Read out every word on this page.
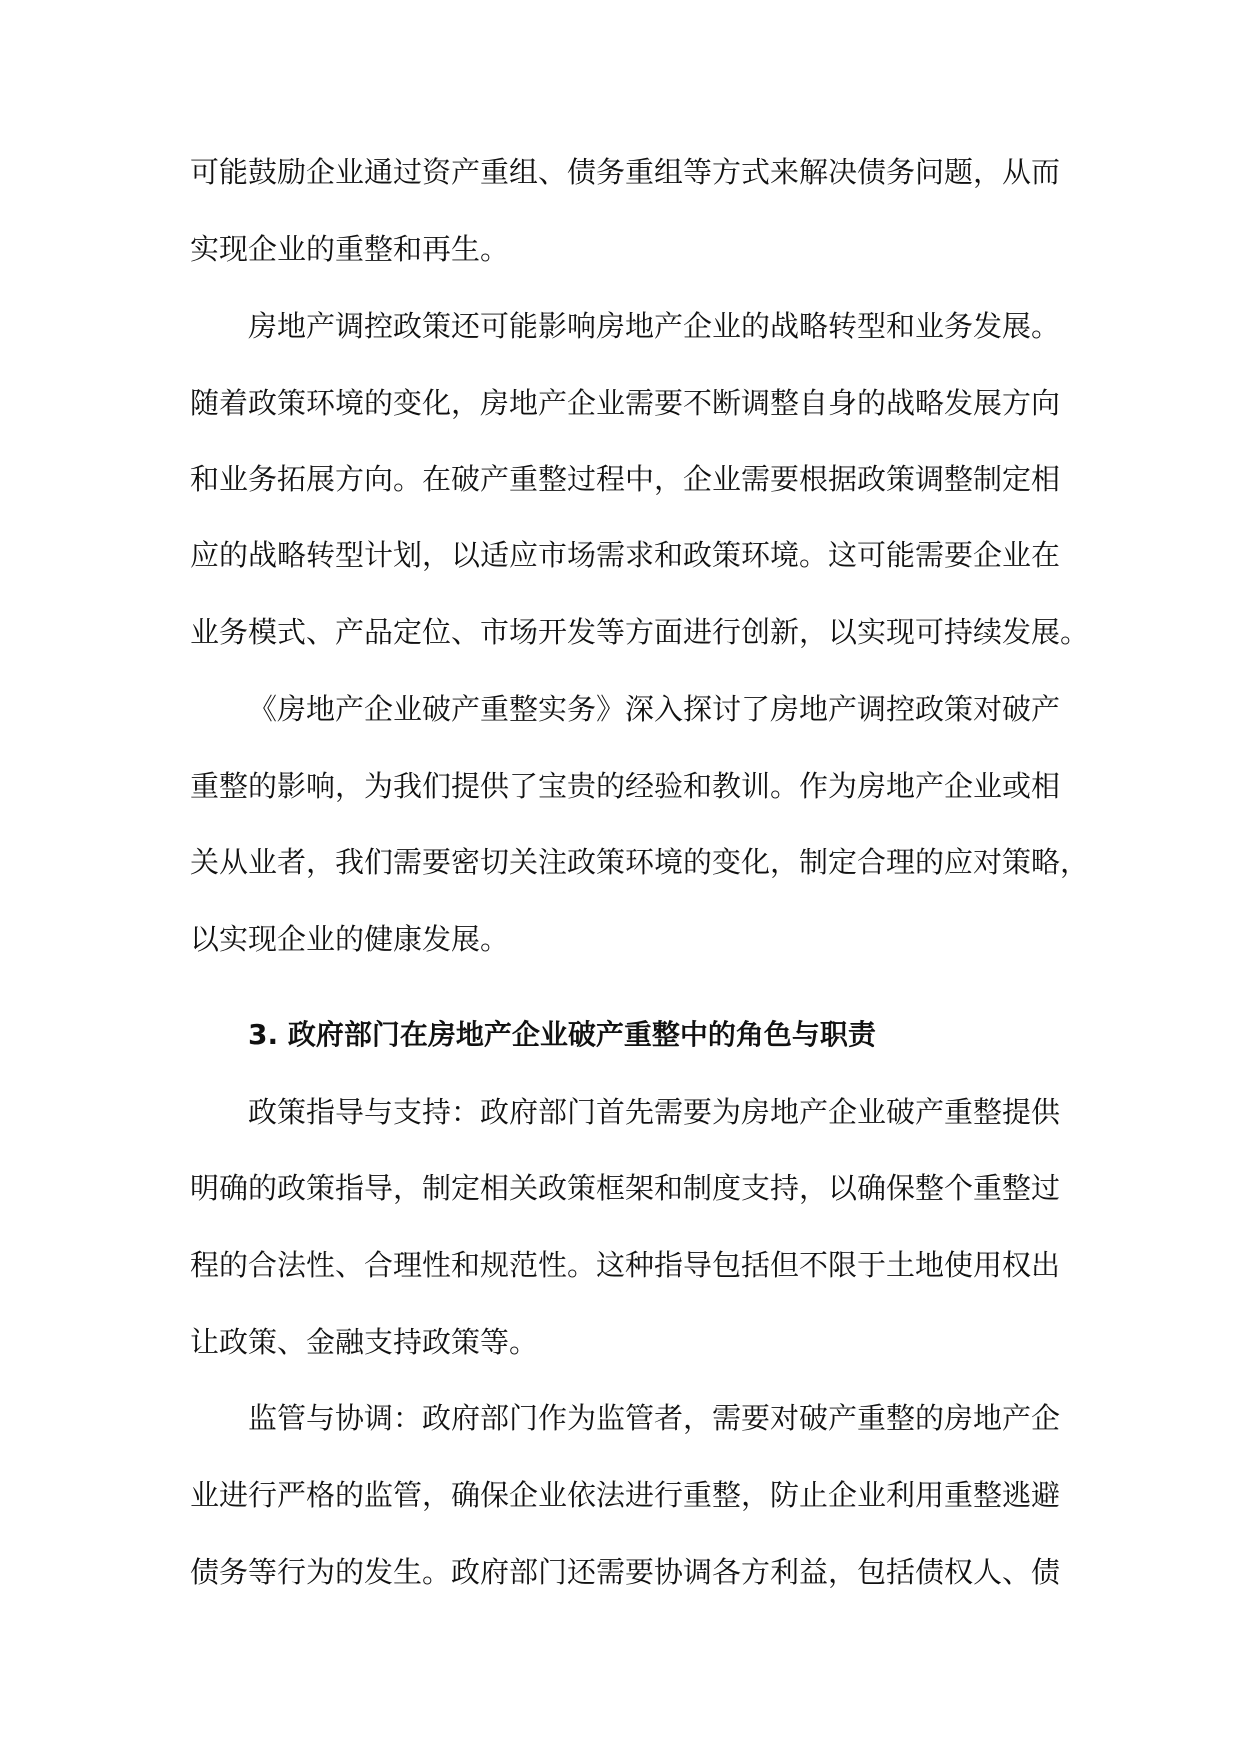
可能鼓励企业通过资产重组、债务重组等方式来解决债务问题，从而
实现企业的重整和再生。
房地产调控政策还可能影响房地产企业的战略转型和业务发展。
随着政策环境的变化，房地产企业需要不断调整自身的战略发展方向
和业务拓展方向。在破产重整过程中，企业需要根据政策调整制定相
应的战略转型计划，以适应市场需求和政策环境。这可能需要企业在
业务模式、产品定位、市场开发等方面进行创新，以实现可持续发展。
《房地产企业破产重整实务》深入探讨了房地产调控政策对破产
重整的影响，为我们提供了宝贵的经验和教训。作为房地产企业或相
关从业者，我们需要密切关注政策环境的变化，制定合理的应对策略，
以实现企业的健康发展。
3. 政府部门在房地产企业破产重整中的角色与职责
政策指导与支持：政府部门首先需要为房地产企业破产重整提供
明确的政策指导，制定相关政策框架和制度支持，以确保整个重整过
程的合法性、合理性和规范性。这种指导包括但不限于土地使用权出
让政策、金融支持政策等。
监管与协调：政府部门作为监管者，需要对破产重整的房地产企
业进行严格的监管，确保企业依法进行重整，防止企业利用重整逃避
债务等行为的发生。政府部门还需要协调各方利益，包括债权人、债
